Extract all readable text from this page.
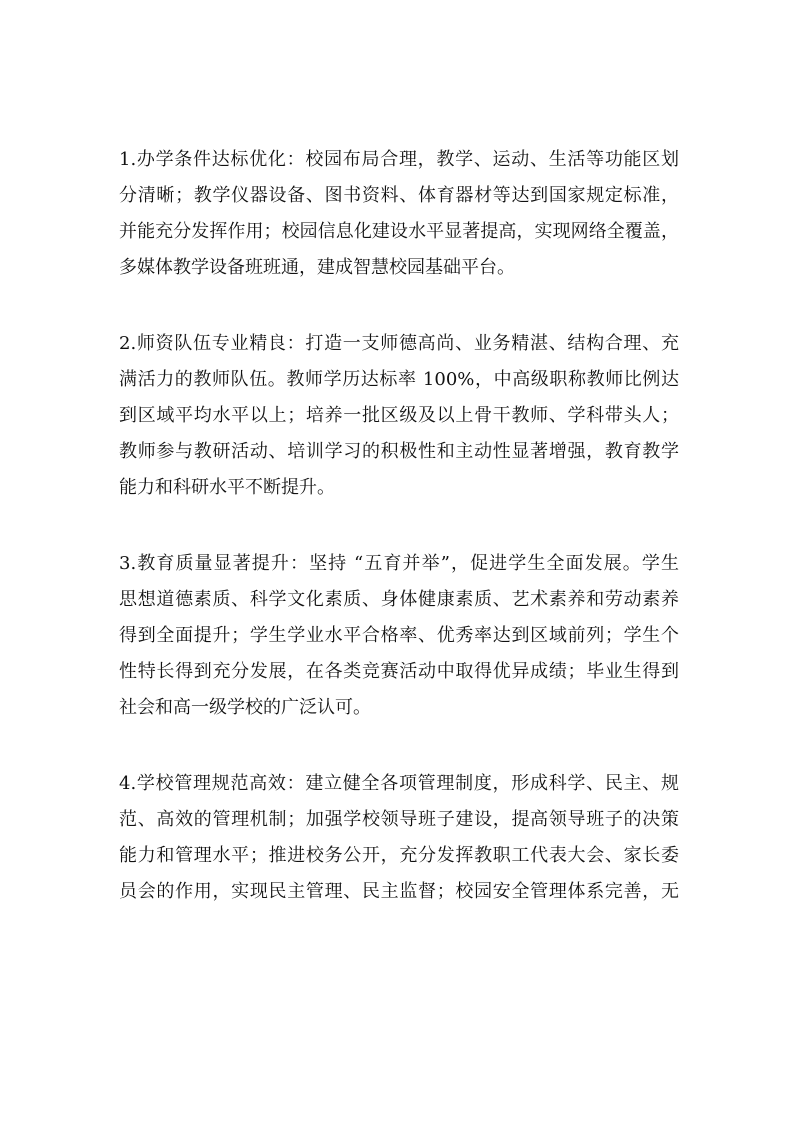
1.办学条件达标优化：校园布局合理，教学、运动、生活等功能区划
分清晰；教学仪器设备、图书资料、体育器材等达到国家规定标准，
并能充分发挥作用；校园信息化建设水平显著提高，实现网络全覆盖，
多媒体教学设备班班通，建成智慧校园基础平台。
2.师资队伍专业精良：打造一支师德高尚、业务精湛、结构合理、充
满活力的教师队伍。教师学历达标率 100%，中高级职称教师比例达
到区域平均水平以上；培养一批区级及以上骨干教师、学科带头人；
教师参与教研活动、培训学习的积极性和主动性显著增强，教育教学
能力和科研水平不断提升。
3.教育质量显著提升：坚持 “五育并举”，促进学生全面发展。学生
思想道德素质、科学文化素质、身体健康素质、艺术素养和劳动素养
得到全面提升；学生学业水平合格率、优秀率达到区域前列；学生个
性特长得到充分发展，在各类竞赛活动中取得优异成绩；毕业生得到
社会和高一级学校的广泛认可。
4.学校管理规范高效：建立健全各项管理制度，形成科学、民主、规
范、高效的管理机制；加强学校领导班子建设，提高领导班子的决策
能力和管理水平；推进校务公开，充分发挥教职工代表大会、家长委
员会的作用，实现民主管理、民主监督；校园安全管理体系完善，无
